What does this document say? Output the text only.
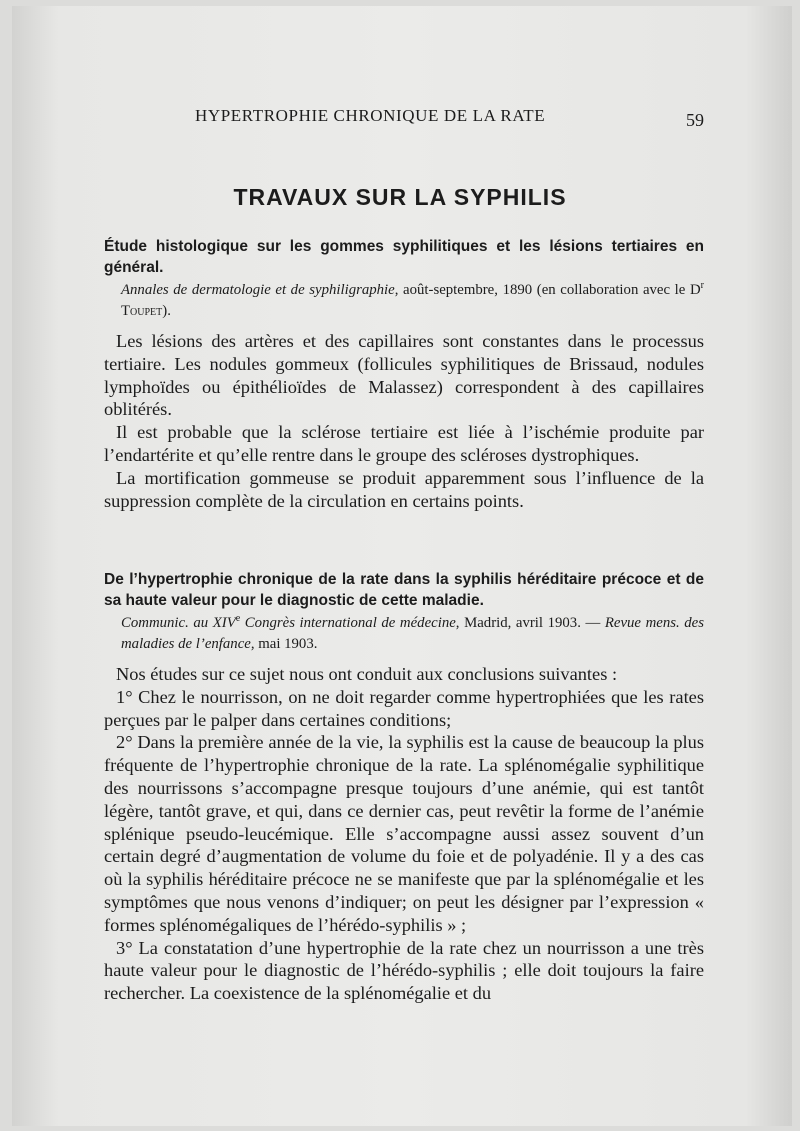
HYPERTROPHIE CHRONIQUE DE LA RATE	59
TRAVAUX SUR LA SYPHILIS
Étude histologique sur les gommes syphilitiques et les lésions tertiaires en général.
Annales de dermatologie et de syphiligraphie, août-septembre, 1890 (en collaboration avec le $D^r$ Toupet).

Les lésions des artères et des capillaires sont constantes dans le processus tertiaire. Les nodules gommeux (follicules syphilitiques de Brissaud, nodules lymphoïdes ou épithélioïdes de Malassez) correspondent à des capillaires oblitérés.

Il est probable que la sclérose tertiaire est liée à l’ischémie produite par l’endartérite et qu’elle rentre dans le groupe des scléroses dystrophiques.

La mortification gommeuse se produit apparemment sous l’influence de la suppression complète de la circulation en certains points.

De l’hypertrophie chronique de la rate dans la syphilis héréditaire précoce et de sa haute valeur pour le diagnostic de cette maladie.
Communic. au XIVe Congrès international de médecine, Madrid, avril 1903. — Revue mens. des maladies de l’enfance, mai 1903.

Nos études sur ce sujet nous ont conduit aux conclusions suivantes :

1° Chez le nourrisson, on ne doit regarder comme hypertrophiées que les rates perçues par le palper dans certaines conditions;

2° Dans la première année de la vie, la syphilis est la cause de beaucoup la plus fréquente de l’hypertrophie chronique de la rate. La splénomégalie syphilitique des nourrissons s’accompagne presque toujours d’une anémie, qui est tantôt légère, tantôt grave, et qui, dans ce dernier cas, peut revêtir la forme de l’anémie splénique pseudo-leucémique. Elle s’accompagne aussi assez souvent d’un certain degré d’augmentation de volume du foie et de polyadénie. Il y a des cas où la syphilis héréditaire précoce ne se manifeste que par la splénomégalie et les symptômes que nous venons d’indiquer; on peut les désigner par l’expression « formes splénomégaliques de l’hérédo-syphilis » ;

3° La constatation d’une hypertrophie de la rate chez un nourrisson a une très haute valeur pour le diagnostic de l’hérédo-syphilis ; elle doit toujours la faire rechercher. La coexistence de la splénomégalie et du
